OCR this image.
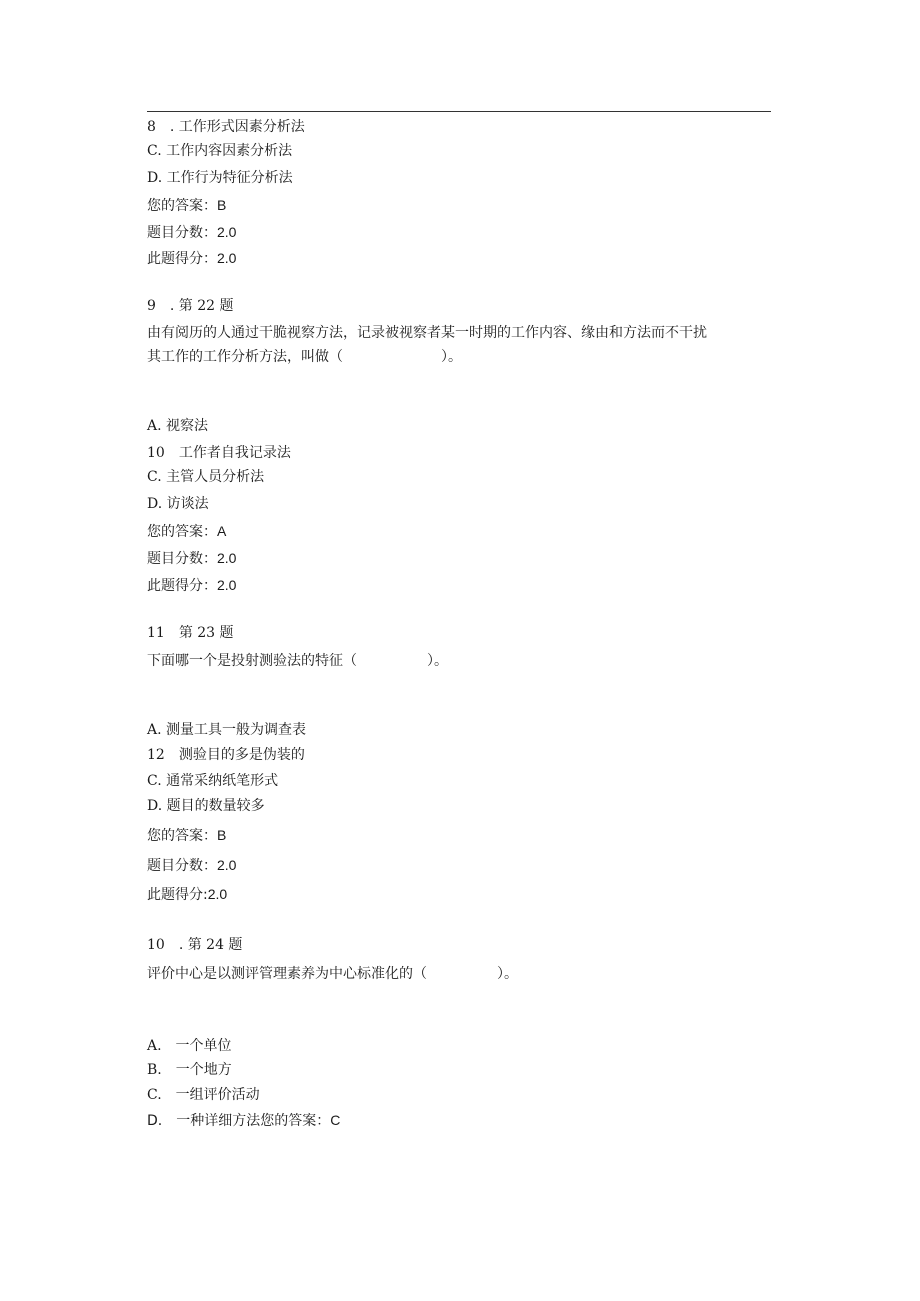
8　. 工作形式因素分析法
C. 工作内容因素分析法
D. 工作行为特征分析法
您的答案：B
题目分数：2.0
此题得分：2.0
9　. 第 22 题
由有阅历的人通过干脆视察方法，记录被视察者某一时期的工作内容、缘由和方法而不干扰
其工作的工作分析方法，叫做（　　　　　　　）。
A. 视察法
10　工作者自我记录法
C. 主管人员分析法
D. 访谈法
您的答案：A
题目分数：2.0
此题得分：2.0
11　第 23 题
下面哪一个是投射测验法的特征（　　　　　）。
A. 测量工具一般为调查表
12　测验目的多是伪装的
C. 通常采纳纸笔形式
D. 题目的数量较多
您的答案：B
题目分数：2.0
此题得分:2.0
10　. 第 24 题
评价中心是以测评管理素养为中心标准化的（　　　　　）。
A.　一个单位
B.　一个地方
C.　一组评价活动
D.　一种详细方法您的答案：C
